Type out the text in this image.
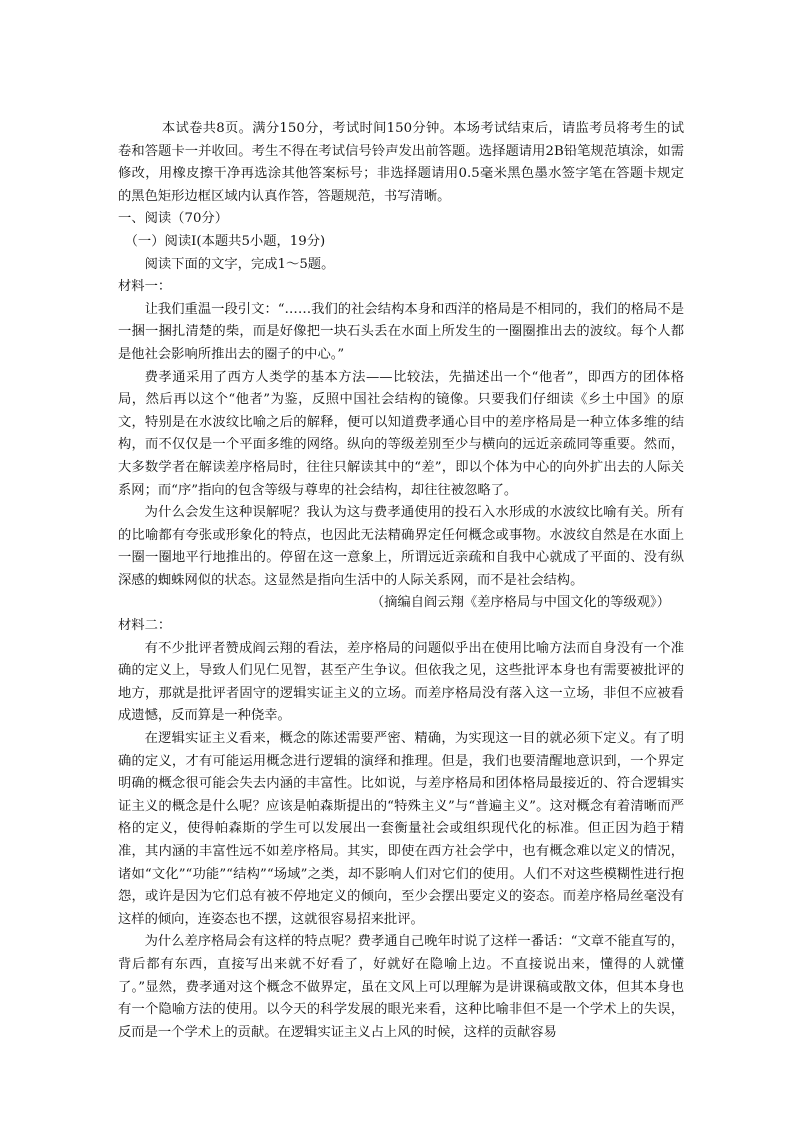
本试卷共8页。满分150分，考试时间150分钟。本场考试结束后，请监考员将考生的试卷和答题卡一并收回。考生不得在考试信号铃声发出前答题。选择题请用2B铅笔规范填涂，如需修改，用橡皮擦干净再选涂其他答案标号；非选择题请用0.5毫米黑色墨水签字笔在答题卡规定的黑色矩形边框区域内认真作答，答题规范，书写清晰。

一、阅读（70分）

（一）阅读Ⅰ(本题共5小题，19分)

阅读下面的文字，完成1～5题。

材料一：

让我们重温一段引文：“……我们的社会结构本身和西洋的格局是不相同的，我们的格局不是一捆一捆扎清楚的柴，而是好像把一块石头丢在水面上所发生的一圈圈推出去的波纹。每个人都是他社会影响所推出去的圈子的中心。”

费孝通采用了西方人类学的基本方法——比较法，先描述出一个“他者”，即西方的团体格局，然后再以这个“他者”为鉴，反照中国社会结构的镜像。只要我们仔细读《乡土中国》的原文，特别是在水波纹比喻之后的解释，便可以知道费孝通心目中的差序格局是一种立体多维的结构，而不仅仅是一个平面多维的网络。纵向的等级差别至少与横向的远近亲疏同等重要。然而，大多数学者在解读差序格局时，往往只解读其中的“差”，即以个体为中心的向外扩出去的人际关系网；而“序”指向的包含等级与尊卑的社会结构，却往往被忽略了。

为什么会发生这种误解呢？我认为这与费孝通使用的投石入水形成的水波纹比喻有关。所有的比喻都有夸张或形象化的特点，也因此无法精确界定任何概念或事物。水波纹自然是在水面上一圈一圈地平行地推出的。停留在这一意象上，所谓远近亲疏和自我中心就成了平面的、没有纵深感的蜘蛛网似的状态。这显然是指向生活中的人际关系网，而不是社会结构。

（摘编自阎云翔《差序格局与中国文化的等级观》）

材料二：

有不少批评者赞成阎云翔的看法，差序格局的问题似乎出在使用比喻方法而自身没有一个准确的定义上，导致人们见仁见智，甚至产生争议。但依我之见，这些批评本身也有需要被批评的地方，那就是批评者固守的逻辑实证主义的立场。而差序格局没有落入这一立场，非但不应被看成遗憾，反而算是一种侥幸。

在逻辑实证主义看来，概念的陈述需要严密、精确，为实现这一目的就必须下定义。有了明确的定义，才有可能运用概念进行逻辑的演绎和推理。但是，我们也要清醒地意识到，一个界定明确的概念很可能会失去内涵的丰富性。比如说，与差序格局和团体格局最接近的、符合逻辑实证主义的概念是什么呢？应该是帕森斯提出的“特殊主义”与“普遍主义”。这对概念有着清晰而严格的定义，使得帕森斯的学生可以发展出一套衡量社会或组织现代化的标准。但正因为趋于精准，其内涵的丰富性远不如差序格局。其实，即使在西方社会学中，也有概念难以定义的情况，诸如“文化”“功能”“结构”“场域”之类，却不影响人们对它们的使用。人们不对这些模糊性进行抱怨，或许是因为它们总有被不停地定义的倾向，至少会摆出要定义的姿态。而差序格局丝毫没有这样的倾向，连姿态也不摆，这就很容易招来批评。

为什么差序格局会有这样的特点呢？费孝通自己晚年时说了这样一番话：“文章不能直写的，背后都有东西，直接写出来就不好看了，好就好在隐喻上边。不直接说出来，懂得的人就懂了。”显然，费孝通对这个概念不做界定，虽在文风上可以理解为是讲课稿或散文体，但其本身也有一个隐喻方法的使用。以今天的科学发展的眼光来看，这种比喻非但不是一个学术上的失误，反而是一个学术上的贡献。在逻辑实证主义占上风的时候，这样的贡献容易
